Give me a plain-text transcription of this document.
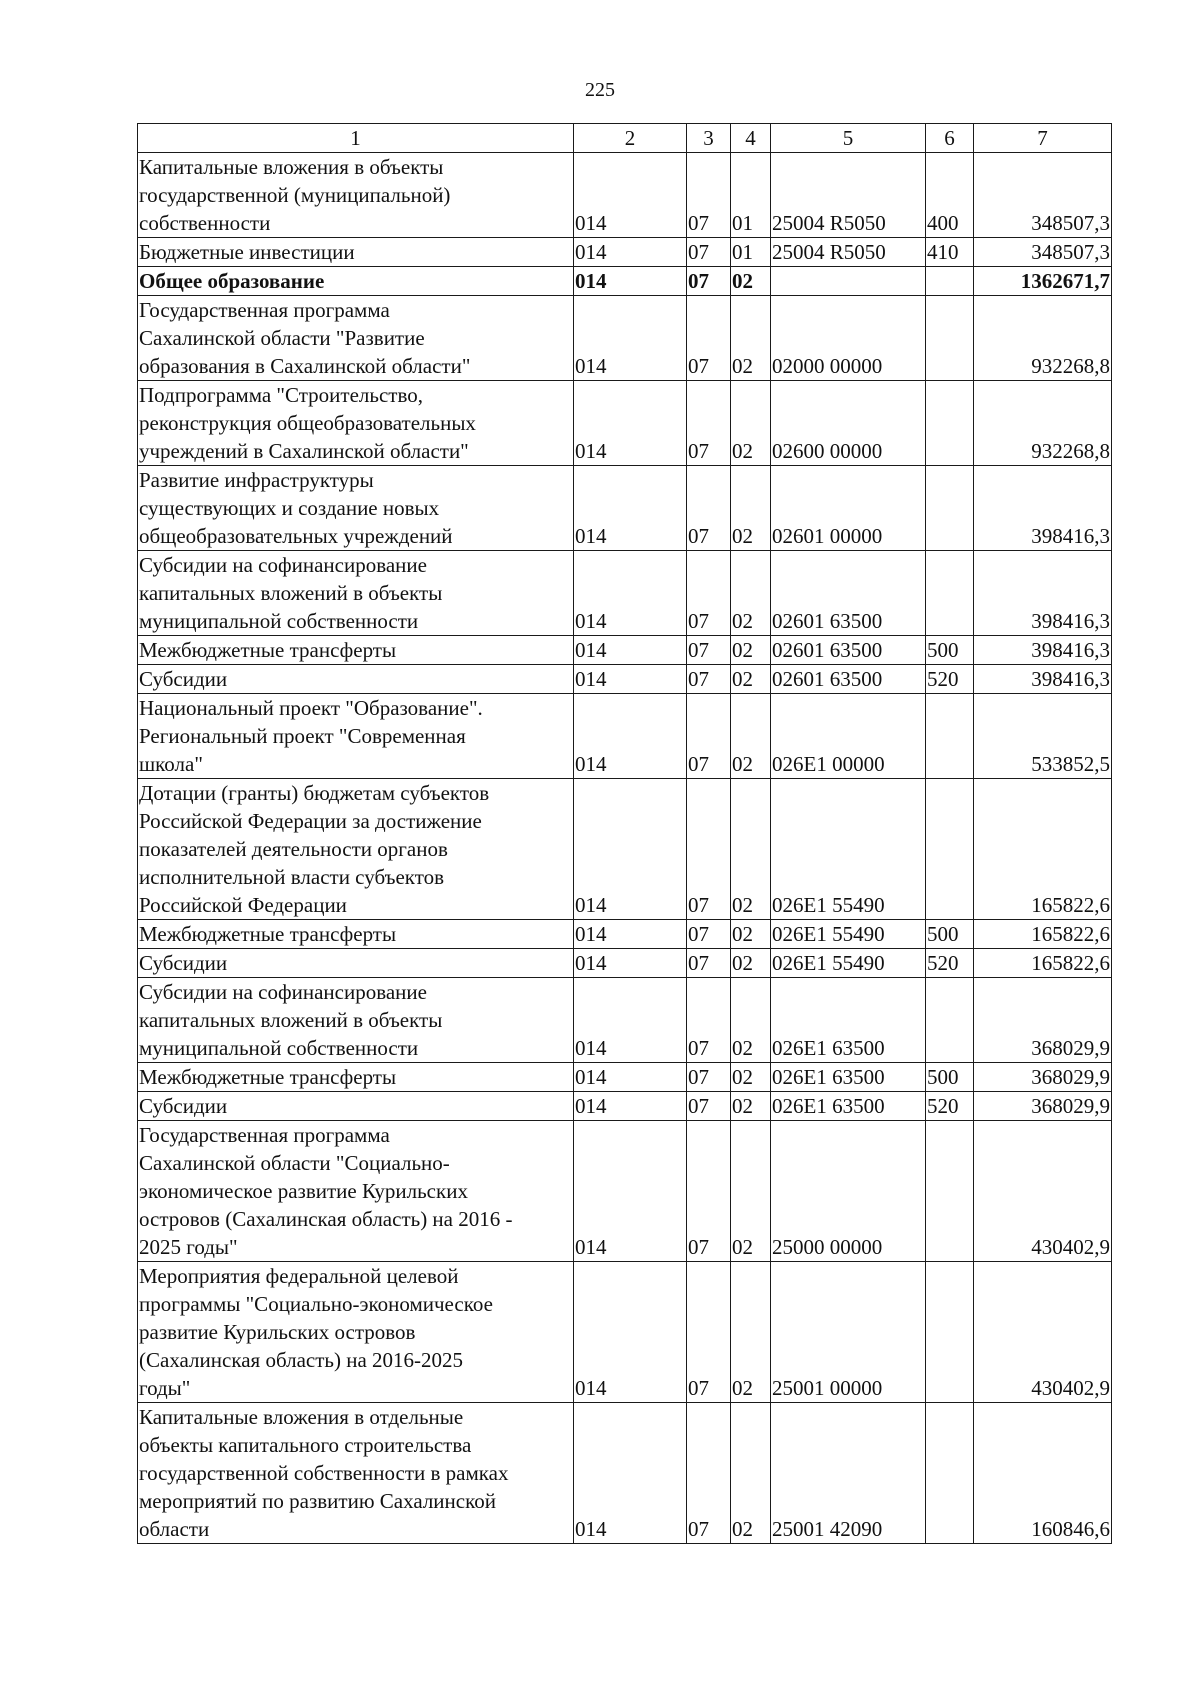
225
1	2	3	4	5	6	7
Капитальные вложения в объекты
государственной (муниципальной)
собственности	014	07	01	25004 R5050	400	348507,3
Бюджетные инвестиции	014	07	01	25004 R5050	410	348507,3
Общее образование	014	07	02			1362671,7
Государственная программа
Сахалинской области "Развитие
образования в Сахалинской области"	014	07	02	02000 00000		932268,8
Подпрограмма "Строительство,
реконструкция общеобразовательных
учреждений в Сахалинской области"	014	07	02	02600 00000		932268,8
Развитие инфраструктуры
существующих и создание новых
общеобразовательных учреждений	014	07	02	02601 00000		398416,3
Субсидии на софинансирование
капитальных вложений в объекты
муниципальной собственности	014	07	02	02601 63500		398416,3
Межбюджетные трансферты	014	07	02	02601 63500	500	398416,3
Субсидии	014	07	02	02601 63500	520	398416,3
Национальный проект "Образование".
Региональный проект "Современная
школа"	014	07	02	026E1 00000		533852,5
Дотации (гранты) бюджетам субъектов
Российской Федерации за достижение
показателей деятельности органов
исполнительной власти субъектов
Российской Федерации	014	07	02	026E1 55490		165822,6
Межбюджетные трансферты	014	07	02	026E1 55490	500	165822,6
Субсидии	014	07	02	026E1 55490	520	165822,6
Субсидии на софинансирование
капитальных вложений в объекты
муниципальной собственности	014	07	02	026E1 63500		368029,9
Межбюджетные трансферты	014	07	02	026E1 63500	500	368029,9
Субсидии	014	07	02	026E1 63500	520	368029,9
Государственная программа
Сахалинской области "Социально-
экономическое развитие Курильских
островов (Сахалинская область) на 2016 -
2025 годы"	014	07	02	25000 00000		430402,9
Мероприятия федеральной целевой
программы "Социально-экономическое
развитие Курильских островов
(Сахалинская область) на 2016-2025
годы"	014	07	02	25001 00000		430402,9
Капитальные вложения в отдельные
объекты капитального строительства
государственной собственности в рамках
мероприятий по развитию Сахалинской
области	014	07	02	25001 42090		160846,6
